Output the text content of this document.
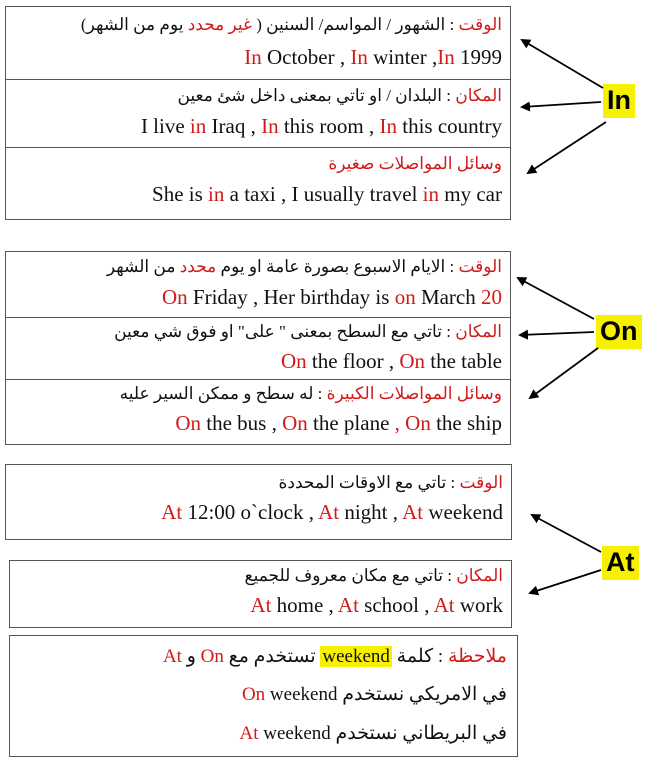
الوقت : الشهور / المواسم/ السنين ( غير محدد يوم من الشهر)
In October , In winter ,In 1999
المكان : البلدان / او تاتي بمعنى داخل شئ معين
I live in Iraq , In this room , In this country
وسائل المواصلات صغيرة
She is in a taxi , I usually travel in my car
الوقت : الايام الاسبوع بصورة عامة او يوم محدد من الشهر
On Friday , Her birthday is on March 20
المكان : تاتي مع السطح بمعنى " على" او فوق شي معين
On the floor , On the table
وسائل المواصلات الكبيرة : له سطح و ممكن السير عليه
On the bus , On the plane , On the ship
الوقت : تاتي مع الاوقات المحددة
At 12:00 o`clock , At night , At weekend
المكان : تاتي مع مكان معروف للجميع
At home , At school , At work
ملاحظة : كلمة weekend تستخدم مع On و At
في الامريكي نستخدم On weekend
في البريطاني نستخدم At weekend
In
On
At
